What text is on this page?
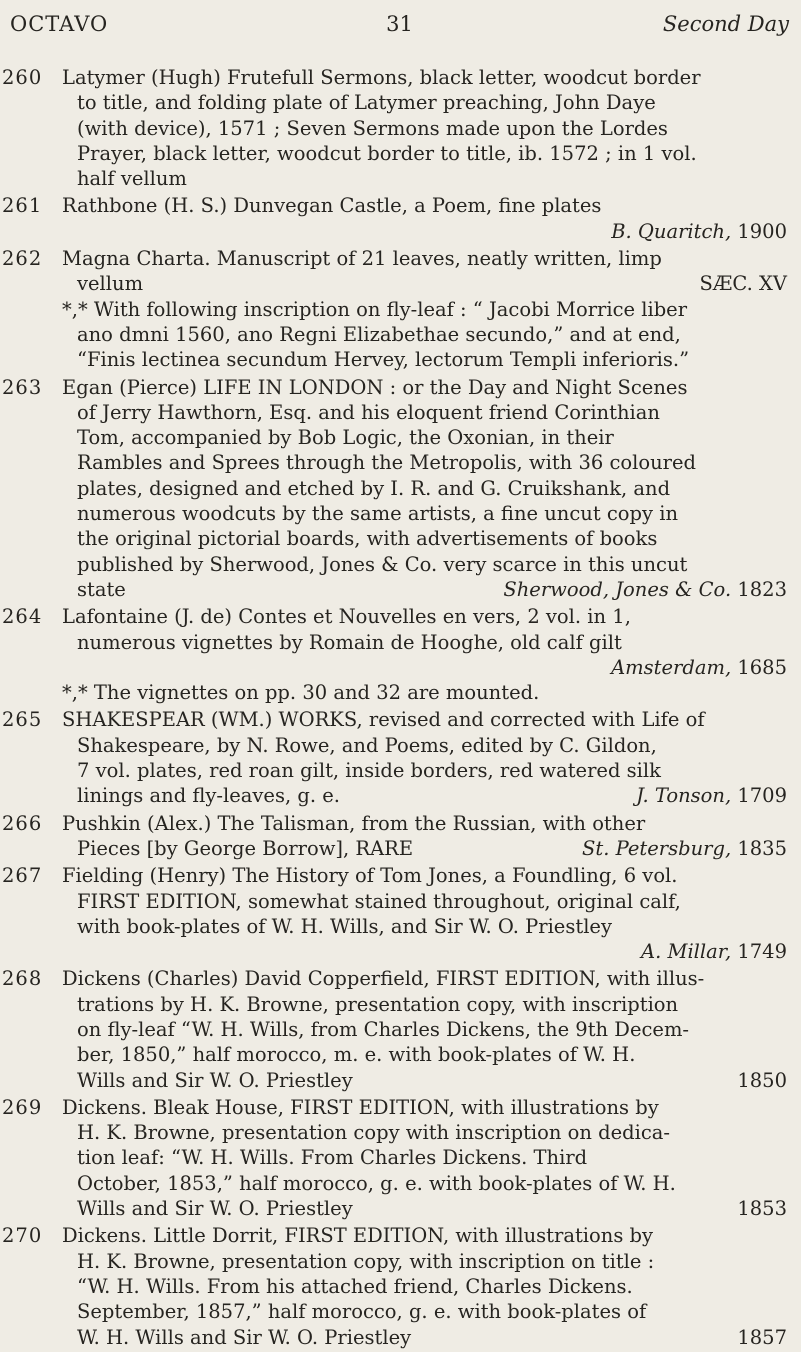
OCTAVO	31	Second Day
260	Latymer (Hugh) Frutefull Sermons, black letter, woodcut border
to title, and folding plate of Latymer preaching, John Daye
(with device), 1571 ; Seven Sermons made upon the Lordes
Prayer, black letter, woodcut border to title, ib. 1572 ; in 1 vol.
half vellum
261	Rathbone (H. S.) Dunvegan Castle, a Poem, fine plates
B. Quaritch, 1900
262	Magna Charta. Manuscript of 21 leaves, neatly written, limp
vellum	SÆC. XV
*,* With following inscription on fly-leaf : “ Jacobi Morrice liber
ano dmni 1560, ano Regni Elizabethae secundo,” and at end,
“Finis lectinea secundum Hervey, lectorum Templi inferioris.”
263	Egan (Pierce) LIFE IN LONDON : or the Day and Night Scenes
of Jerry Hawthorn, Esq. and his eloquent friend Corinthian
Tom, accompanied by Bob Logic, the Oxonian, in their
Rambles and Sprees through the Metropolis, with 36 coloured
plates, designed and etched by I. R. and G. Cruikshank, and
numerous woodcuts by the same artists, a fine uncut copy in
the original pictorial boards, with advertisements of books
published by Sherwood, Jones & Co. very scarce in this uncut
state	Sherwood, Jones & Co. 1823
264	Lafontaine (J. de) Contes et Nouvelles en vers, 2 vol. in 1,
numerous vignettes by Romain de Hooghe, old calf gilt
Amsterdam, 1685
*,* The vignettes on pp. 30 and 32 are mounted.
265	SHAKESPEAR (WM.) WORKS, revised and corrected with Life of
Shakespeare, by N. Rowe, and Poems, edited by C. Gildon,
7 vol. plates, red roan gilt, inside borders, red watered silk
linings and fly-leaves, g. e.	J. Tonson, 1709
266	Pushkin (Alex.) The Talisman, from the Russian, with other
Pieces [by George Borrow], RARE	St. Petersburg, 1835
267	Fielding (Henry) The History of Tom Jones, a Foundling, 6 vol.
FIRST EDITION, somewhat stained throughout, original calf,
with book-plates of W. H. Wills, and Sir W. O. Priestley
A. Millar, 1749
268	Dickens (Charles) David Copperfield, FIRST EDITION, with illus-
trations by H. K. Browne, presentation copy, with inscription
on fly-leaf “W. H. Wills, from Charles Dickens, the 9th Decem-
ber, 1850,” half morocco, m. e. with book-plates of W. H.
Wills and Sir W. O. Priestley	1850
269	Dickens. Bleak House, FIRST EDITION, with illustrations by
H. K. Browne, presentation copy with inscription on dedica-
tion leaf: “W. H. Wills. From Charles Dickens. Third
October, 1853,” half morocco, g. e. with book-plates of W. H.
Wills and Sir W. O. Priestley	1853
270	Dickens. Little Dorrit, FIRST EDITION, with illustrations by
H. K. Browne, presentation copy, with inscription on title :
“W. H. Wills. From his attached friend, Charles Dickens.
September, 1857,” half morocco, g. e. with book-plates of
W. H. Wills and Sir W. O. Priestley	1857
